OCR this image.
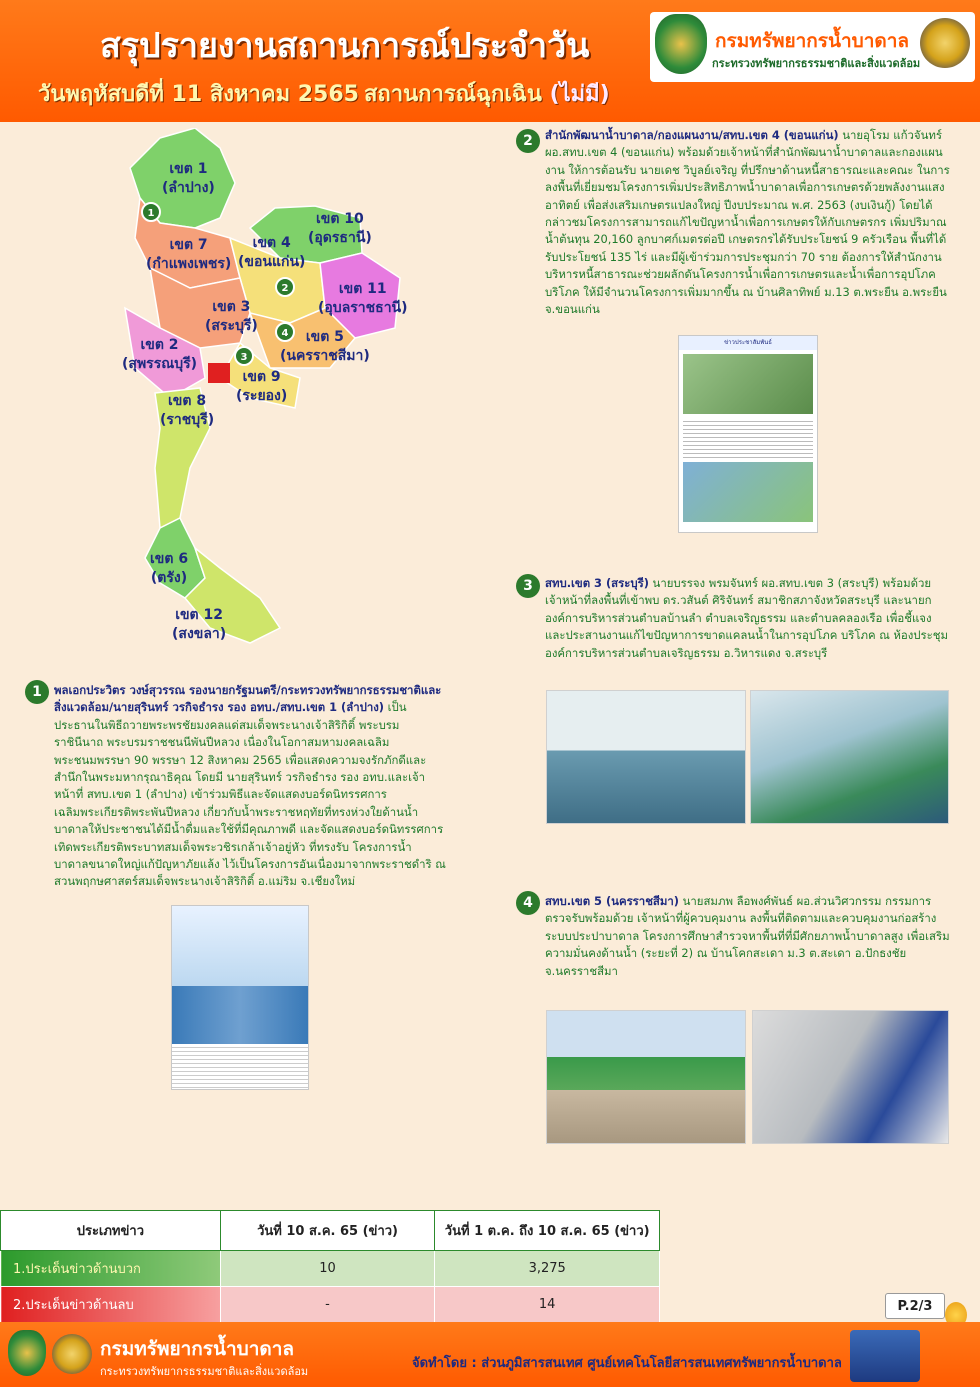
สรุปรายงานสถานการณ์ประจำวัน
วันพฤหัสบดีที่ 11 สิงหาคม 2565 สถานการณ์ฉุกเฉิน (ไม่มี)
กรมทรัพยากรน้ำบาดาล
กระทรวงทรัพยากรธรรมชาติและสิ่งแวดล้อม
เขต 1
(ลำปาง)
เขต 10
(อุดรธานี)
เขต 7
(กำแพงเพชร)
เขต 4
(ขอนแก่น)
เขต 11
(อุบลราชธานี)
เขต 3
(สระบุรี)
เขต 5
(นครราชสีมา)
เขต 2
(สุพรรณบุรี)
เขต 9
(ระยอง)
เขต 8
(ราชบุรี)
เขต 6
(ตรัง)
เขต 12
(สงขลา)
1
2
3
4
2	สำนักพัฒนาน้ำบาดาล/กองแผนงาน/สทบ.เขต 4 (ขอนแก่น) นายอุโรม แก้วจันทร์ ผอ.สทบ.เขต 4 (ขอนแก่น) พร้อมด้วยเจ้าหน้าที่สำนักพัฒนาน้ำบาดาลและกองแผนงาน ให้การต้อนรับ นายเดช วิบูลย์เจริญ ที่ปรึกษาด้านหนี้สาธารณะและคณะ ในการลงพื้นที่เยี่ยมชมโครงการเพิ่มประสิทธิภาพน้ำบาดาลเพื่อการเกษตรด้วยพลังงานแสงอาทิตย์ เพื่อส่งเสริมเกษตรแปลงใหญ่ ปีงบประมาณ พ.ศ. 2563 (งบเงินกู้) โดยได้กล่าวชมโครงการสามารถแก้ไขปัญหาน้ำเพื่อการเกษตรให้กับเกษตรกร เพิ่มปริมาณน้ำต้นทุน 20,160 ลูกบาศก์เมตรต่อปี เกษตรกรได้รับประโยชน์ 9 ครัวเรือน พื้นที่ได้รับประโยชน์ 135 ไร่ และมีผู้เข้าร่วมการประชุมกว่า 70 ราย ต้องการให้สำนักงานบริหารหนี้สาธารณะช่วยผลักดันโครงการน้ำเพื่อการเกษตรและน้ำเพื่อการอุปโภค บริโภค ให้มีจำนวนโครงการเพิ่มมากขึ้น ณ บ้านศิลาทิพย์ ม.13 ต.พระยืน อ.พระยืน จ.ขอนแก่น
ข่าวประชาสัมพันธ์
3	สทบ.เขต 3 (สระบุรี) นายบรรจง พรมจันทร์ ผอ.สทบ.เขต 3 (สระบุรี) พร้อมด้วย เจ้าหน้าที่ลงพื้นที่เข้าพบ ดร.วสันต์ ศิริจันทร์ สมาชิกสภาจังหวัดสระบุรี และนายกองค์การบริหารส่วนตำบลบ้านลำ ตำบลเจริญธรรม และตำบลคลองเรือ เพื่อชี้แจงและประสานงานแก้ไขปัญหาการขาดแคลนน้ำในการอุปโภค บริโภค ณ ห้องประชุมองค์การบริหารส่วนตำบลเจริญธรรม อ.วิหารแดง จ.สระบุรี
4	สทบ.เขต 5 (นครราชสีมา) นายสมภพ ลือพงศ์พันธ์ ผอ.ส่วนวิศวกรรม กรรมการตรวจรับพร้อมด้วย เจ้าหน้าที่ผู้ควบคุมงาน ลงพื้นที่ติดตามและควบคุมงานก่อสร้างระบบประปาบาดาล โครงการศึกษาสำรวจหาพื้นที่ที่มีศักยภาพน้ำบาดาลสูง เพื่อเสริมความมั่นคงด้านน้ำ (ระยะที่ 2) ณ บ้านโคกสะเดา ม.3 ต.สะเดา อ.ปักธงชัย จ.นครราชสีมา
1	พลเอกประวิตร วงษ์สุวรรณ รองนายกรัฐมนตรี/กระทรวงทรัพยากรธรรมชาติและสิ่งแวดล้อม/นายสุรินทร์ วรกิจธำรง รอง อทบ./สทบ.เขต 1 (ลำปาง) เป็นประธานในพิธีถวายพระพรชัยมงคลแด่สมเด็จพระนางเจ้าสิริกิติ์ พระบรมราชินีนาถ พระบรมราชชนนีพันปีหลวง เนื่องในโอกาสมหามงคลเฉลิมพระชนมพรรษา 90 พรรษา 12 สิงหาคม 2565 เพื่อแสดงความจงรักภักดีและสำนึกในพระมหากรุณาธิคุณ โดยมี นายสุรินทร์ วรกิจธำรง รอง อทบ.และเจ้าหน้าที่ สทบ.เขต 1 (ลำปาง) เข้าร่วมพิธีและจัดแสดงบอร์ดนิทรรศการเฉลิมพระเกียรติพระพันปีหลวง เกี่ยวกับน้ำพระราชหฤทัยที่ทรงห่วงใยด้านน้ำบาดาลให้ประชาชนได้มีน้ำดื่มและใช้ที่มีคุณภาพดี และจัดแสดงบอร์ดนิทรรศการเทิดพระเกียรติพระบาทสมเด็จพระวชิรเกล้าเจ้าอยู่หัว ที่ทรงรับ โครงการน้ำบาดาลขนาดใหญ่แก้ปัญหาภัยแล้ง ไว้เป็นโครงการอันเนื่องมาจากพระราชดำริ ณ สวนพฤกษศาสตร์สมเด็จพระนางเจ้าสิริกิติ์ อ.แม่ริม จ.เชียงใหม่
ประเภทข่าว	วันที่ 10 ส.ค. 65 (ข่าว)	วันที่ 1 ต.ค. ถึง 10 ส.ค. 65 (ข่าว)
1.ประเด็นข่าวด้านบวก	10	3,275
2.ประเด็นข่าวด้านลบ	-	14	P.2/3
กรมทรัพยากรน้ำบาดาล
กระทรวงทรัพยากรธรรมชาติและสิ่งแวดล้อม
จัดทำโดย : ส่วนภูมิสารสนเทศ ศูนย์เทคโนโลยีสารสนเทศทรัพยากรน้ำบาดาล
